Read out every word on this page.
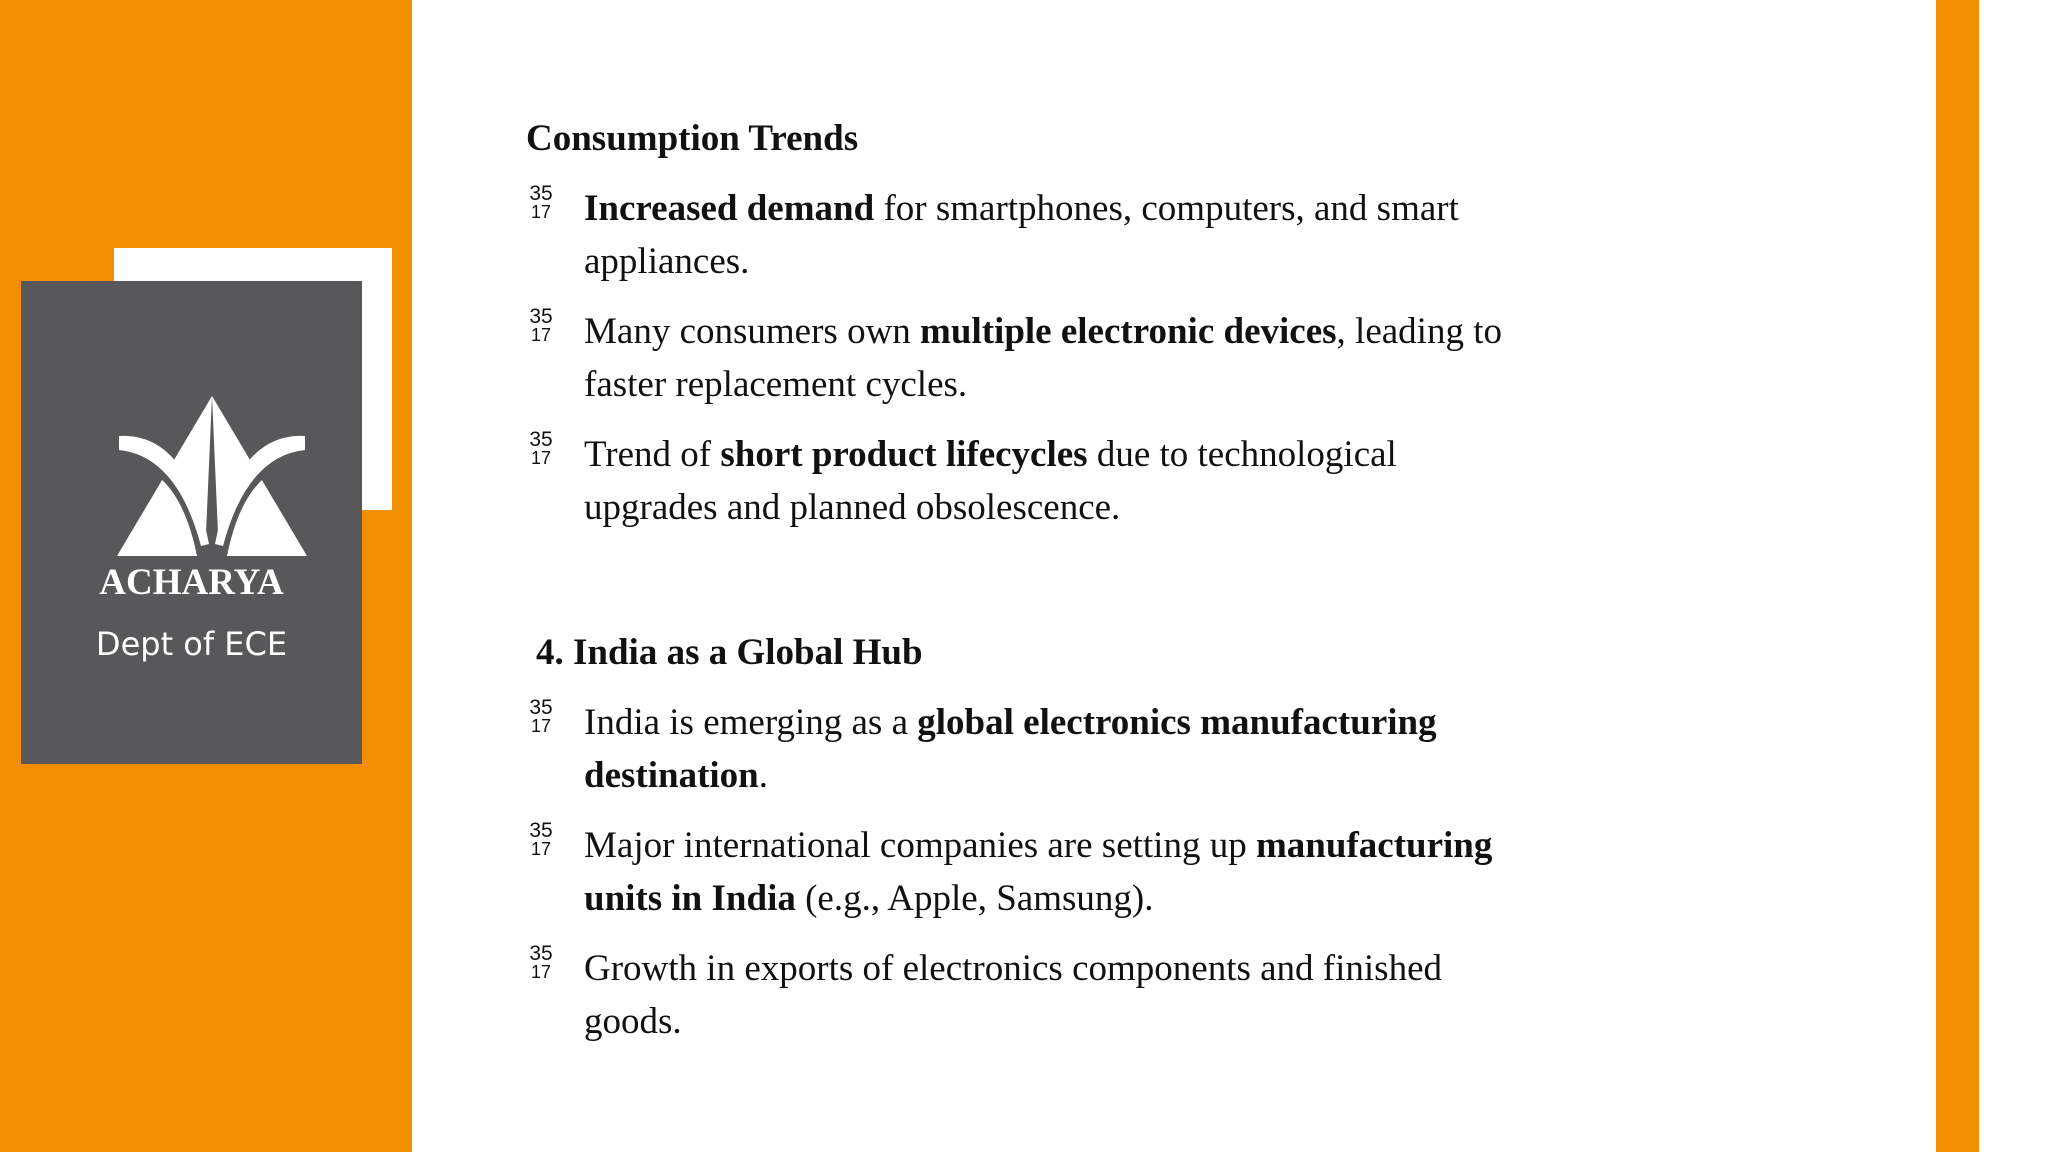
ACHARYA
Dept of ECE
Consumption Trends
35
17 Increased demand for smartphones, computers, and smart appliances.
35
17 Many consumers own multiple electronic devices, leading to faster replacement cycles.
35
17 Trend of short product lifecycles due to technological upgrades and planned obsolescence.
4. India as a Global Hub
35
17 India is emerging as a global electronics manufacturing destination.
35
17 Major international companies are setting up manufacturing units in India (e.g., Apple, Samsung).
35
17 Growth in exports of electronics components and finished goods.
